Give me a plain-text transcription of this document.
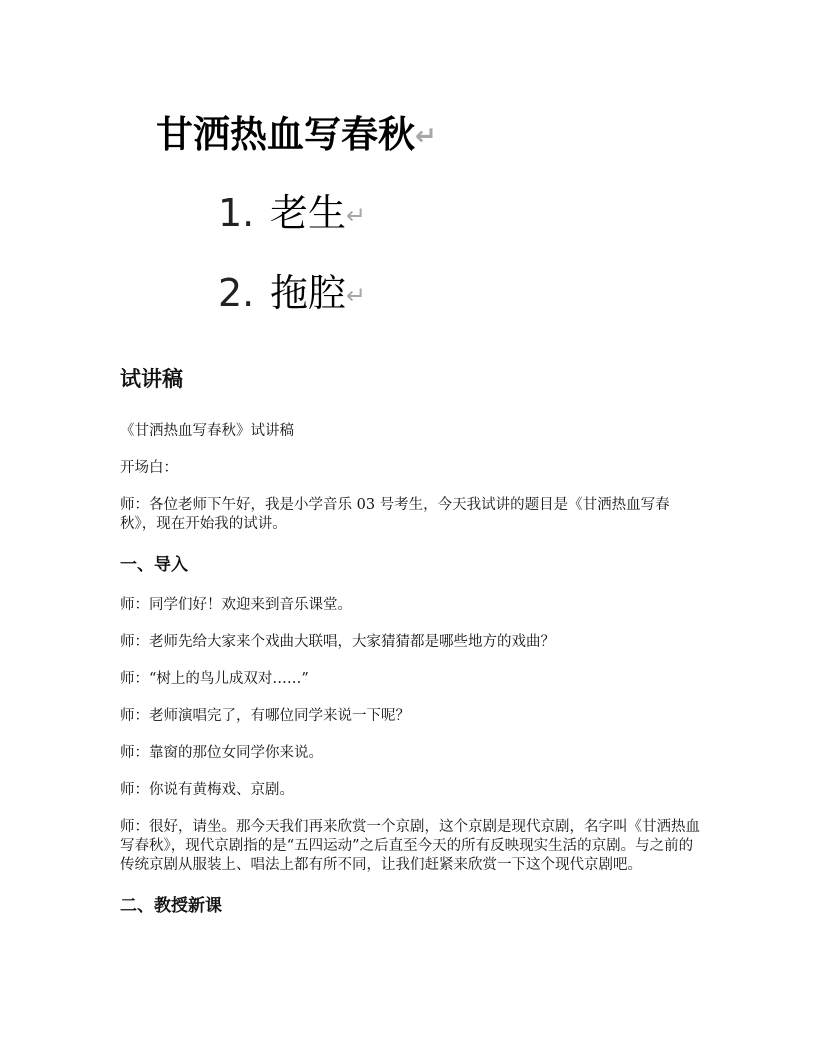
甘洒热血写春秋↵
1. 老生↵
2. 拖腔↵
试讲稿

《甘洒热血写春秋》试讲稿

开场白：

师：各位老师下午好，我是小学音乐 03 号考生，今天我试讲的题目是《甘洒热血写春秋》，现在开始我的试讲。

一、导入

师：同学们好！欢迎来到音乐课堂。

师：老师先给大家来个戏曲大联唱，大家猜猜都是哪些地方的戏曲？

师：“树上的鸟儿成双对……”

师：老师演唱完了，有哪位同学来说一下呢？

师：靠窗的那位女同学你来说。

师：你说有黄梅戏、京剧。

师：很好，请坐。那今天我们再来欣赏一个京剧，这个京剧是现代京剧，名字叫《甘洒热血写春秋》，现代京剧指的是“五四运动”之后直至今天的所有反映现实生活的京剧。与之前的传统京剧从服装上、唱法上都有所不同，让我们赶紧来欣赏一下这个现代京剧吧。

二、教授新课
